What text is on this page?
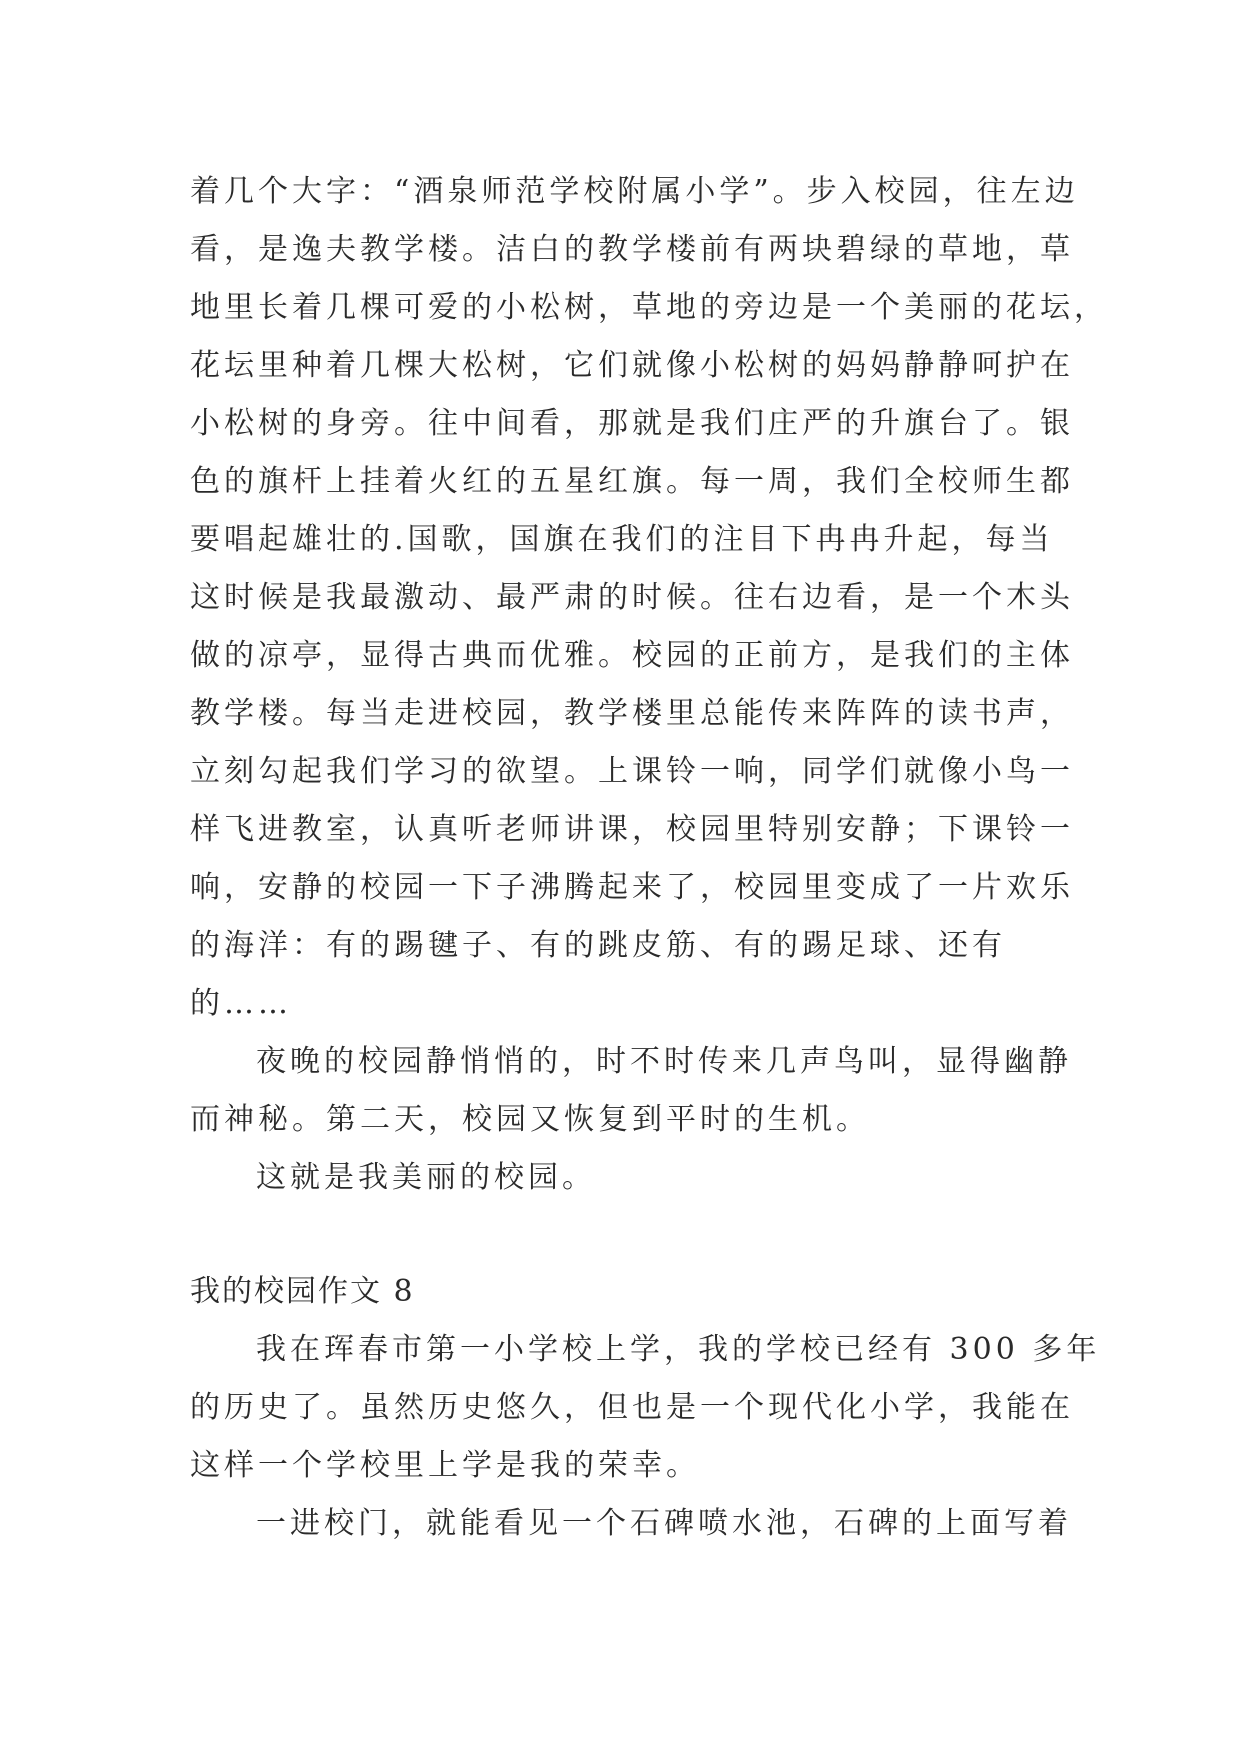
着几个大字：“酒泉师范学校附属小学”。步入校园，往左边
看，是逸夫教学楼。洁白的教学楼前有两块碧绿的草地，草
地里长着几棵可爱的小松树，草地的旁边是一个美丽的花坛，
花坛里种着几棵大松树，它们就像小松树的妈妈静静呵护在
小松树的身旁。往中间看，那就是我们庄严的升旗台了。银
色的旗杆上挂着火红的五星红旗。每一周，我们全校师生都
要唱起雄壮的.国歌，国旗在我们的注目下冉冉升起，每当
这时候是我最激动、最严肃的时候。往右边看，是一个木头
做的凉亭，显得古典而优雅。校园的正前方，是我们的主体
教学楼。每当走进校园，教学楼里总能传来阵阵的读书声，
立刻勾起我们学习的欲望。上课铃一响，同学们就像小鸟一
样飞进教室，认真听老师讲课，校园里特别安静；下课铃一
响，安静的校园一下子沸腾起来了，校园里变成了一片欢乐
的海洋：有的踢毽子、有的跳皮筋、有的踢足球、还有
的……
夜晚的校园静悄悄的，时不时传来几声鸟叫，显得幽静
而神秘。第二天，校园又恢复到平时的生机。
这就是我美丽的校园。
我的校园作文 8
我在珲春市第一小学校上学，我的学校已经有 300 多年
的历史了。虽然历史悠久，但也是一个现代化小学，我能在
这样一个学校里上学是我的荣幸。
一进校门，就能看见一个石碑喷水池，石碑的上面写着
